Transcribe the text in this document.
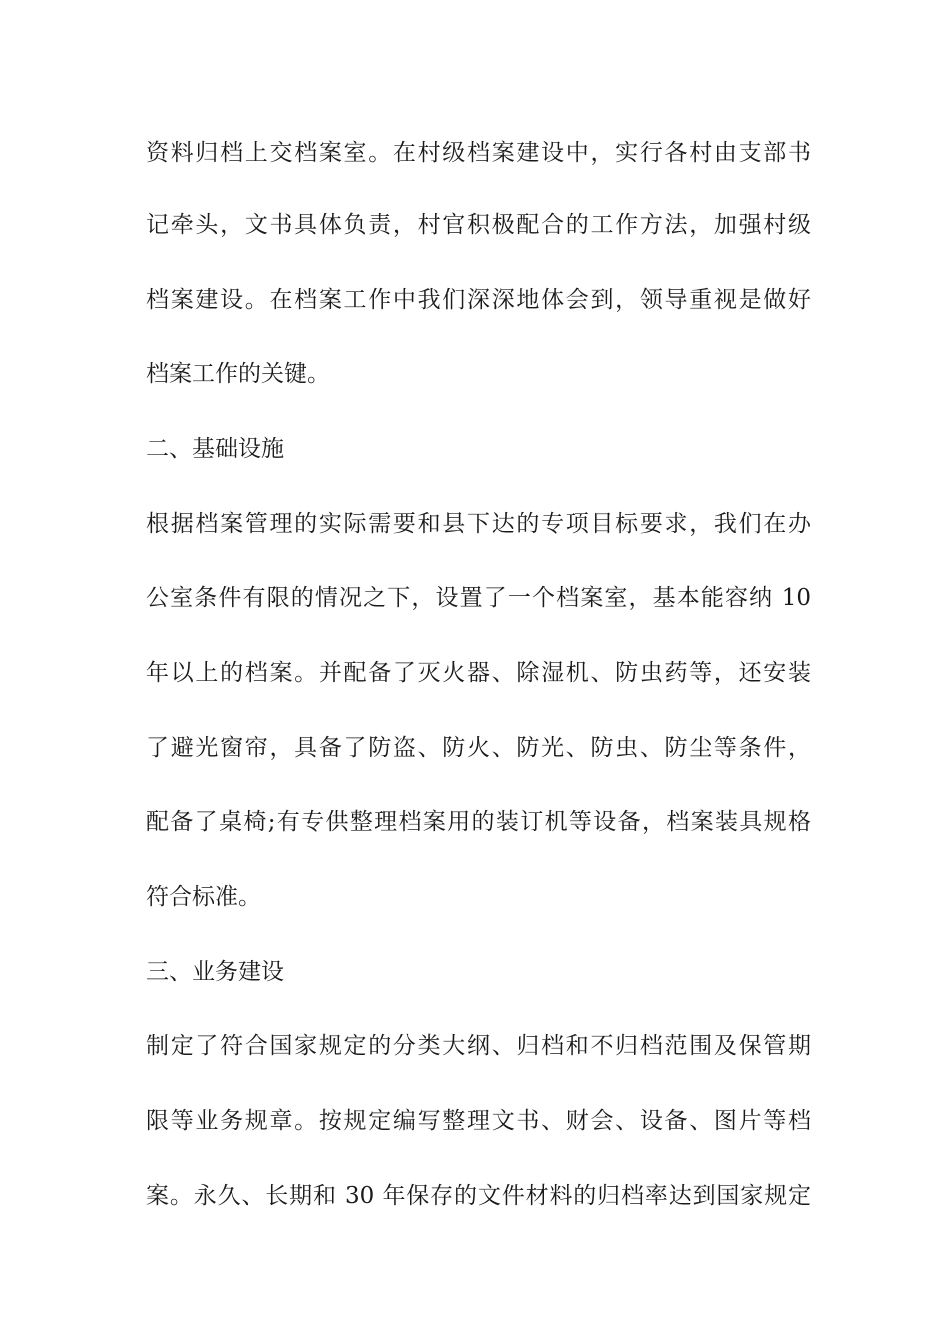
资料归档上交档案室。在村级档案建设中，实行各村由支部书
记牵头，文书具体负责，村官积极配合的工作方法，加强村级
档案建设。在档案工作中我们深深地体会到，领导重视是做好
档案工作的关键。
二、基础设施
根据档案管理的实际需要和县下达的专项目标要求，我们在办
公室条件有限的情况之下，设置了一个档案室，基本能容纳 10
年以上的档案。并配备了灭火器、除湿机、防虫药等，还安装
了避光窗帘，具备了防盗、防火、防光、防虫、防尘等条件，
配备了桌椅;有专供整理档案用的装订机等设备，档案装具规格
符合标准。
三、业务建设
制定了符合国家规定的分类大纲、归档和不归档范围及保管期
限等业务规章。按规定编写整理文书、财会、设备、图片等档
案。永久、长期和 30 年保存的文件材料的归档率达到国家规定
